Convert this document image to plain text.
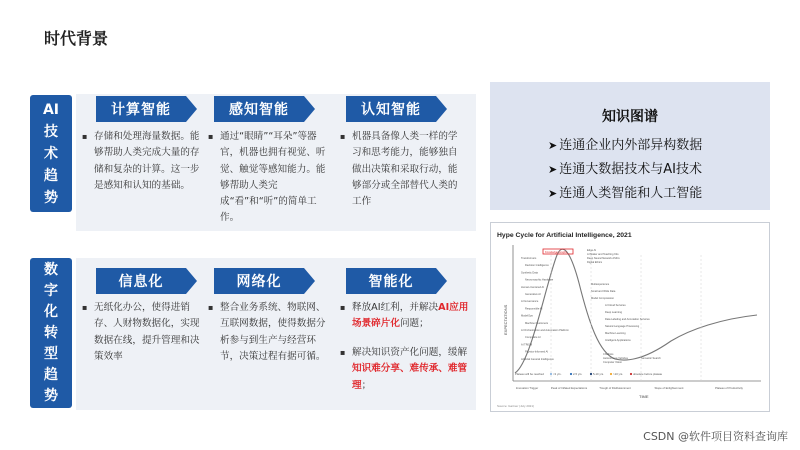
时代背景
AI
技
术
趋
势
数
字
化
转
型
趋
势
计算智能	感知智能	认知智能
▪ 存储和处理海量数据。能够帮助人类完成大量的存储和复杂的计算。这一步是感知和认知的基础。
▪ 通过“眼睛”“耳朵”等器官，机器也拥有视觉、听觉、触觉等感知能力。能够帮助人类完成“看”和“听”的简单工作。
▪ 机器具备像人类一样的学习和思考能力，能够独自做出决策和采取行动，能够部分或全部替代人类的工作
信息化	网络化	智能化
▪ 无纸化办公，使得进销存、人财物数据化，实现数据在线，提升管理和决策效率
▪ 整合业务系统、物联网、互联网数据，使得数据分析参与到生产与经营环节，决策过程有据可循。
▪ 释放AI红利，并解决AI应用场景碎片化问题；
▪ 解决知识资产化问题，缓解知识难分享、难传承、难管理；
知识图谱
➤ 连通企业内外部异构数据
➤ 连通大数据技术与AI技术
➤ 连通人类智能和人工智能
Hype Cycle for Artificial Intelligence, 2021
EXPECTATIONS
TIME
Knowledge Graphs
Edge AI
AI Maker and Teaching Kits
Deep Neural Network ASICs
Digital Ethics
Transformers
Decision Intelligence
Synthetic Data
Neuromorphic Hardware
Human-Centered AI
Generative AI
AI Governance
Responsible AI
ModelOps
Machine Customers
AI Orchestration and Automation Platform
Composite AI
AI TRiSM
Physics-Informed AI
Artificial General Intelligence
Multiexperience
Small and Wide Data
Model Compression
AI Cloud Services
Deep Learning
Data Labeling and Annotation Services
Natural Language Processing
Machine Learning
Intelligent Applications
Chatbots
Autonomous Vehicles
Computer Vision
Semantic Search
Innovation Trigger	Peak of Inflated Expectations	Trough of Disillusionment	Slope of Enlightenment	Plateau of Productivity
Plateau will be reached	<2 yrs.	2-5 yrs.	5-10 yrs.	>10 yrs.	obsolete before plateau
Source: Gartner (July 2021)
CSDN @软件项目资料查询库
